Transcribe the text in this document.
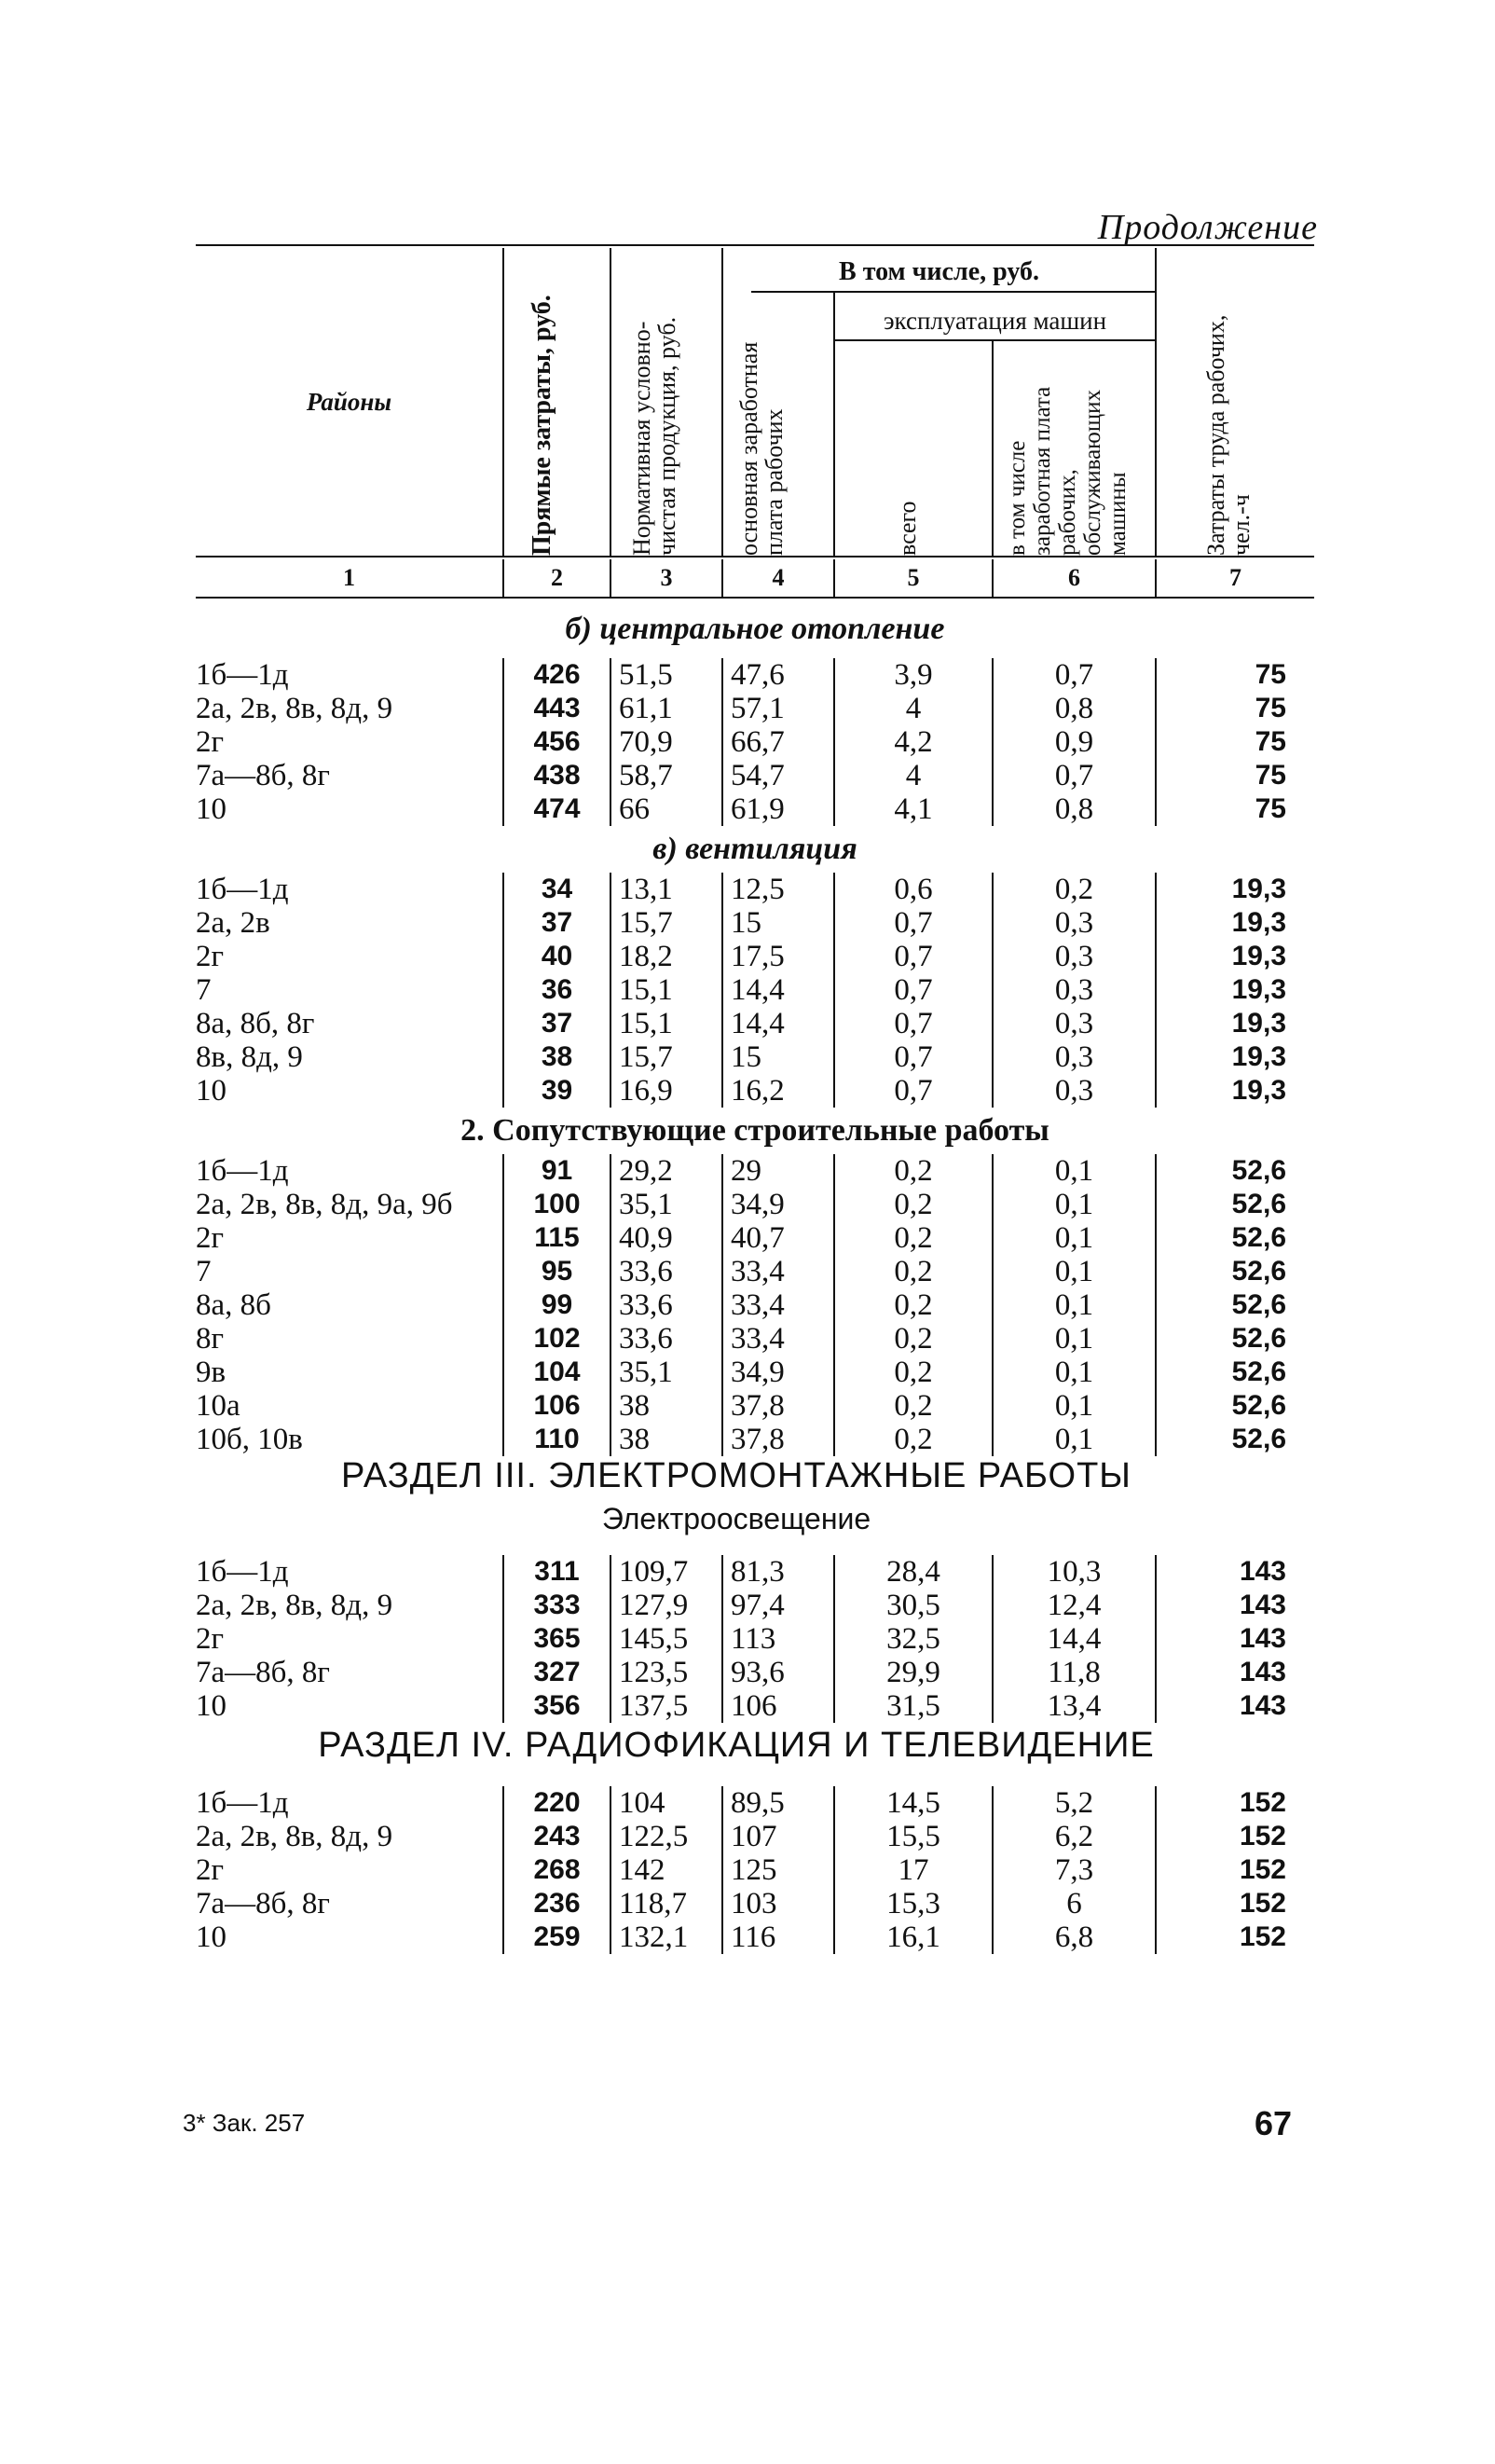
Продолжение

Районы	Прямые затраты, руб.	Нормативная условно-чистая продукция, руб.	В том числе, руб.			Затраты труда рабочих, чел.-ч

			основная заработная плата рабочих	эксплуатация машин		

				всего	в том числе заработная плата рабочих, обслуживающих машины	

1	2	3	4	5	6	7

б) центральное отопление						

1б—1д	426	51,5	47,6	3,9	0,7	75
2а, 2в, 8в, 8д, 9	443	61,1	57,1	4	0,8	75
2г	456	70,9	66,7	4,2	0,9	75
7а—8б, 8г	438	58,7	54,7	4	0,7	75
10	474	66	61,9	4,1	0,8	75

в) вентиляция						

1б—1д	34	13,1	12,5	0,6	0,2	19,3
2а, 2в	37	15,7	15	0,7	0,3	19,3
2г	40	18,2	17,5	0,7	0,3	19,3
7	36	15,1	14,4	0,7	0,3	19,3
8а, 8б, 8г	37	15,1	14,4	0,7	0,3	19,3
8в, 8д, 9	38	15,7	15	0,7	0,3	19,3
10	39	16,9	16,2	0,7	0,3	19,3

2. Сопутствующие строительные работы						

1б—1д	91	29,2	29	0,2	0,1	52,6
2а, 2в, 8в, 8д, 9а, 9б	100	35,1	34,9	0,2	0,1	52,6
2г	115	40,9	40,7	0,2	0,1	52,6
7	95	33,6	33,4	0,2	0,1	52,6
8а, 8б	99	33,6	33,4	0,2	0,1	52,6
8г	102	33,6	33,4	0,2	0,1	52,6
9в	104	35,1	34,9	0,2	0,1	52,6
10а	106	38	37,8	0,2	0,1	52,6
10б, 10в	110	38	37,8	0,2	0,1	52,6

РАЗДЕЛ III. ЭЛЕКТРОМОНТАЖНЫЕ РАБОТЫ
Электроосвещение						

1б—1д	311	109,7	81,3	28,4	10,3	143
2а, 2в, 8в, 8д, 9	333	127,9	97,4	30,5	12,4	143
2г	365	145,5	113	32,5	14,4	143
7а—8б, 8г	327	123,5	93,6	29,9	11,8	143
10	356	137,5	106	31,5	13,4	143

РАЗДЕЛ IV. РАДИОФИКАЦИЯ И ТЕЛЕВИДЕНИЕ						

1б—1д	220	104	89,5	14,5	5,2	152
2а, 2в, 8в, 8д, 9	243	122,5	107	15,5	6,2	152
2г	268	142	125	17	7,3	152
7а—8б, 8г	236	118,7	103	15,3	6	152
10	259	132,1	116	16,1	6,8	152
3* Зак. 257	67
